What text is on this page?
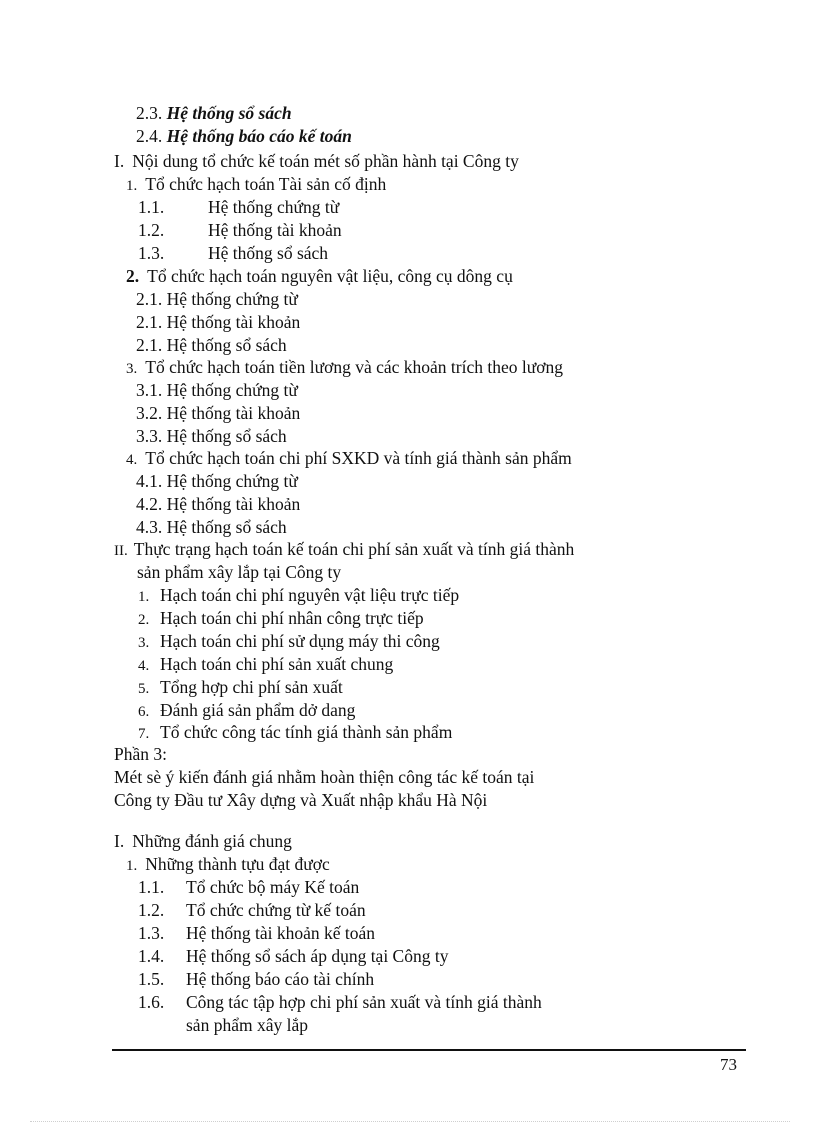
2.3. Hệ thống sổ sách
2.4. Hệ thống báo cáo kế toán
I. Nội dung tổ chức kế toán mét số phần hành tại Công ty
1. Tổ chức hạch toán Tài sản cố định
1.1.	Hệ thống chứng từ
1.2.	Hệ thống tài khoản
1.3.	Hệ thống sổ sách
2. Tổ chức hạch toán nguyên vật liệu, công cụ dông cụ
2.1. Hệ thống chứng từ
2.1. Hệ thống tài khoản
2.1. Hệ thống sổ sách
3. Tổ chức hạch toán tiền lương và các khoản trích theo lương
3.1. Hệ thống chứng từ
3.2. Hệ thống tài khoản
3.3. Hệ thống sổ sách
4. Tổ chức hạch toán chi phí SXKD và tính giá thành sản phẩm
4.1. Hệ thống chứng từ
4.2. Hệ thống tài khoản
4.3. Hệ thống sổ sách
II. Thực trạng hạch toán kế toán chi phí sản xuất và tính giá thành
sản phẩm xây lắp tại Công ty
1. Hạch toán chi phí nguyên vật liệu trực tiếp
2. Hạch toán chi phí nhân công trực tiếp
3. Hạch toán chi phí sử dụng máy thi công
4. Hạch toán chi phí sản xuất chung
5. Tổng hợp chi phí sản xuất
6. Đánh giá sản phẩm dở dang
7. Tổ chức công tác tính giá thành sản phẩm
Phần 3:
Mét sè ý kiến đánh giá nhằm hoàn thiện công tác kế toán tại
Công ty Đầu tư Xây dựng và Xuất nhập khẩu Hà Nội
I. Những đánh giá chung
1. Những thành tựu đạt được
1.1. Tổ chức bộ máy Kế toán
1.2. Tổ chức chứng từ kế toán
1.3. Hệ thống tài khoản kế toán
1.4. Hệ thống sổ sách áp dụng tại Công ty
1.5. Hệ thống báo cáo tài chính
1.6. Công tác tập hợp chi phí sản xuất và tính giá thành
sản phẩm xây lắp
73
